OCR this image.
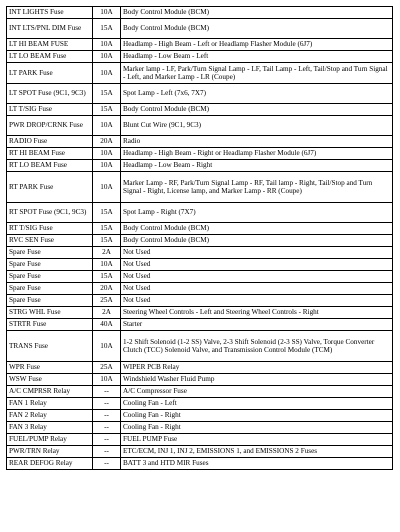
INT LIGHTS Fuse	10A	Body Control Module (BCM)
INT LTS/PNL DIM Fuse	15A	Body Control Module (BCM)
LT HI BEAM FUSE	10A	Headlamp - High Beam - Left or Headlamp Flasher Module (6J7)
LT LO BEAM Fuse	10A	Headlamp - Low Beam - Left
LT PARK Fuse	10A	Marker lamp - LF, Park/Turn Signal Lamp - LF, Tail Lamp - Left, Tail/Stop and Turn Signal - Left, and Marker Lamp - LR (Coupe)
LT SPOT Fuse (9C1, 9C3)	15A	Spot Lamp - Left (7x6, 7X7)
LT T/SIG Fuse	15A	Body Control Module (BCM)
PWR DROP/CRNK Fuse	10A	Blunt Cut Wire (9C1, 9C3)
RADIO Fuse	20A	Radio
RT HI BEAM Fuse	10A	Headlamp - High Beam - Right or Headlamp Flasher Module (6J7)
RT LO BEAM Fuse	10A	Headlamp - Low Beam - Right
RT PARK Fuse	10A	Marker Lamp - RF, Park/Turn Signal Lamp - RF, Tail lamp - Right, Tail/Stop and Turn Signal - Right, License lamp, and Marker Lamp - RR (Coupe)
RT SPOT Fuse (9C1, 9C3)	15A	Spot Lamp - Right (7X7)
RT T/SIG Fuse	15A	Body Control Module (BCM)
RVC SEN Fuse	15A	Body Control Module (BCM)
Spare Fuse	2A	Not Used
Spare Fuse	10A	Not Used
Spare Fuse	15A	Not Used
Spare Fuse	20A	Not Used
Spare Fuse	25A	Not Used
STRG WHL Fuse	2A	Steering Wheel Controls - Left and Steering Wheel Controls - Right
STRTR Fuse	40A	Starter
TRANS Fuse	10A	1-2 Shift Solenoid (1-2 SS) Valve, 2-3 Shift Solenoid (2-3 SS) Valve, Torque Converter Clutch (TCC) Solenoid Valve, and Transmission Control Module (TCM)
WPR Fuse	25A	WIPER PCB Relay
WSW Fuse	10A	Windshield Washer Fluid Pump
A/C CMPRSR Relay	--	A/C Compressor Fuse
FAN 1 Relay	--	Cooling Fan - Left
FAN 2 Relay	--	Cooling Fan - Right
FAN 3 Relay	--	Cooling Fan - Right
FUEL/PUMP Relay	--	FUEL PUMP Fuse
PWR/TRN Relay	--	ETC/ECM, INJ 1, INJ 2, EMISSIONS 1, and EMISSIONS 2 Fuses
REAR DEFOG Relay	--	BATT 3 and HTD MIR Fuses
